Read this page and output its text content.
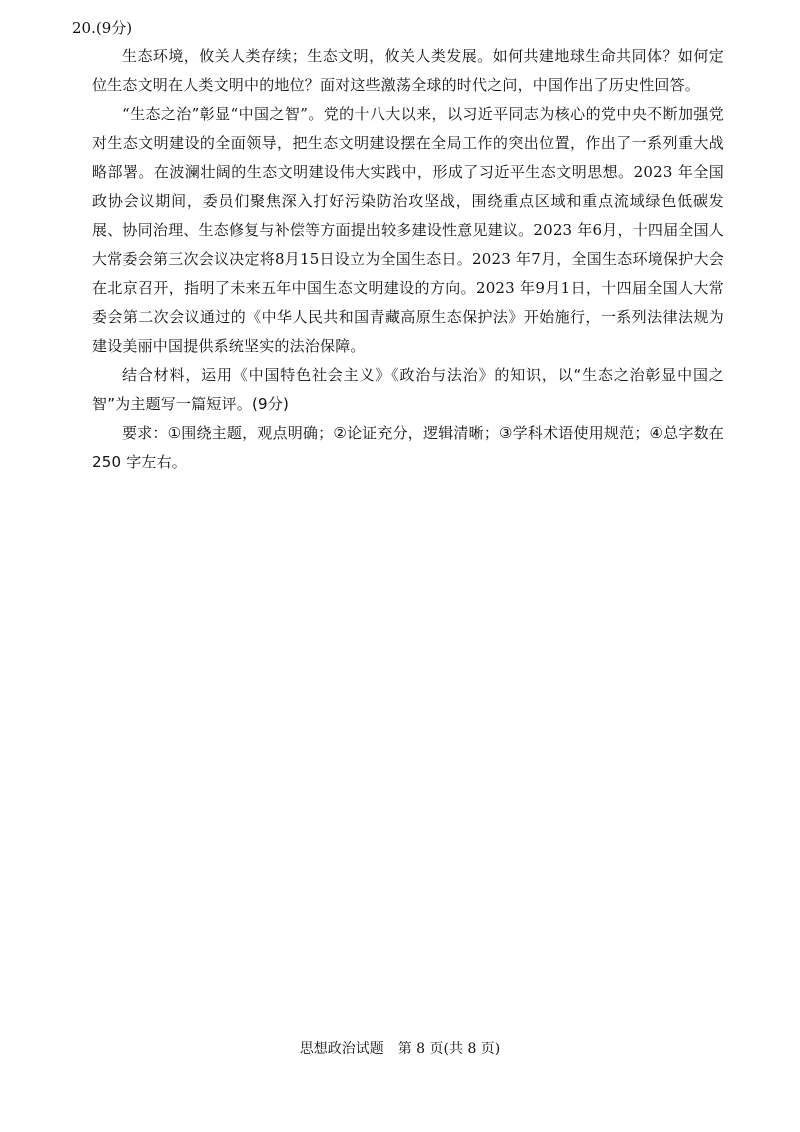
20.(9分)

生态环境，攸关人类存续；生态文明，攸关人类发展。如何共建地球生命共同体？如何定位生态文明在人类文明中的地位？面对这些激荡全球的时代之问，中国作出了历史性回答。

“生态之治”彰显“中国之智”。党的十八大以来，以习近平同志为核心的党中央不断加强党对生态文明建设的全面领导，把生态文明建设摆在全局工作的突出位置，作出了一系列重大战略部署。在波澜壮阔的生态文明建设伟大实践中，形成了习近平生态文明思想。2023 年全国政协会议期间，委员们聚焦深入打好污染防治攻坚战，围绕重点区域和重点流域绿色低碳发展、协同治理、生态修复与补偿等方面提出较多建设性意见建议。2023 年6月，十四届全国人大常委会第三次会议决定将8月15日设立为全国生态日。2023 年7月，全国生态环境保护大会在北京召开，指明了未来五年中国生态文明建设的方向。2023 年9月1日，十四届全国人大常委会第二次会议通过的《中华人民共和国青藏高原生态保护法》开始施行，一系列法律法规为建设美丽中国提供系统坚实的法治保障。

结合材料，运用《中国特色社会主义》《政治与法治》的知识，以“生态之治彰显中国之智”为主题写一篇短评。(9分)

要求：①围绕主题，观点明确；②论证充分，逻辑清晰；③学科术语使用规范；④总字数在 250 字左右。

思想政治试题　第 8 页(共 8 页)
